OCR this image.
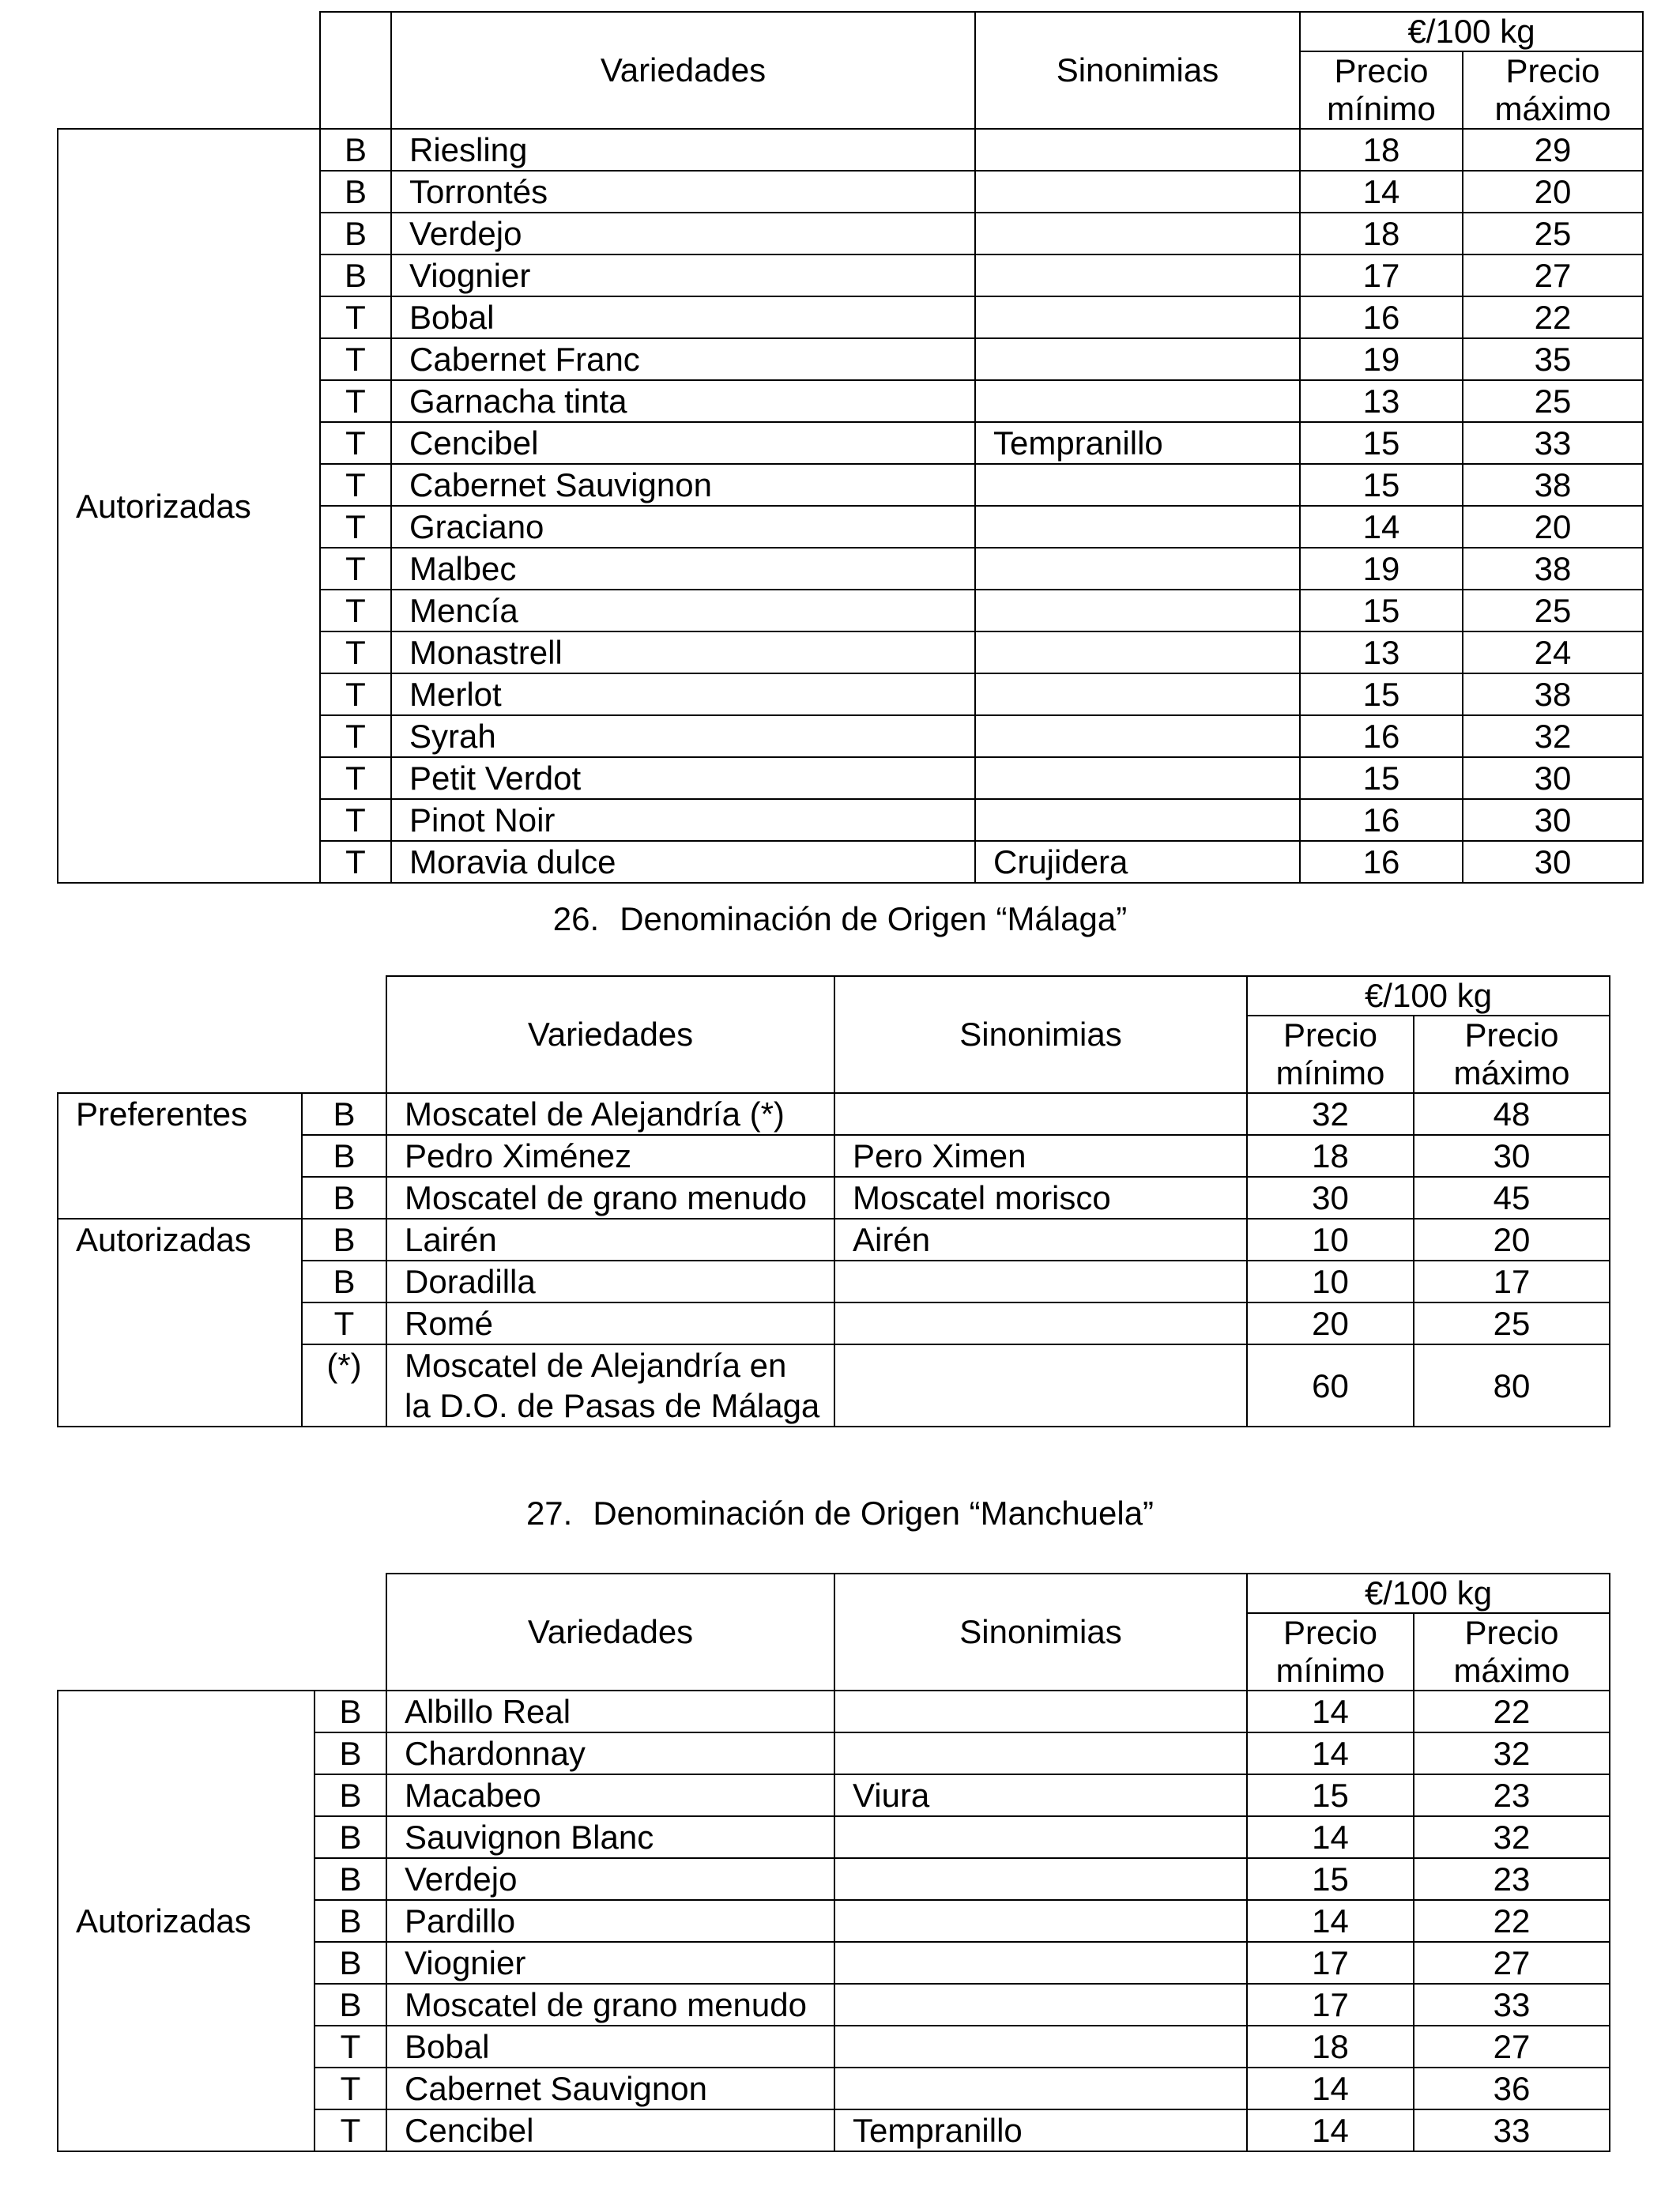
		Variedades	Sinonimias	€/100 kg	
				Precio mínimo	Precio máximo

Autorizadas	B	Riesling		18	29
	B	Torrontés		14	20
	B	Verdejo		18	25
	B	Viognier		17	27
	T	Bobal		16	22
	T	Cabernet Franc		19	35
	T	Garnacha tinta		13	25
	T	Cencibel	Tempranillo	15	33
	T	Cabernet Sauvignon		15	38
	T	Graciano		14	20
	T	Malbec		19	38
	T	Mencía		15	25
	T	Monastrell		13	24
	T	Merlot		15	38
	T	Syrah		16	32
	T	Petit Verdot		15	30
	T	Pinot Noir		16	30
	T	Moravia dulce	Crujidera	16	30
26. Denominación de Origen “Málaga”
		Variedades	Sinonimias	€/100 kg	
				Precio mínimo	Precio máximo

Preferentes	B	Moscatel de Alejandría (*)		32	48
	B	Pedro Ximénez	Pero Ximen	18	30
	B	Moscatel de grano menudo	Moscatel morisco	30	45
Autorizadas	B	Lairén	Airén	10	20
	B	Doradilla		10	17
	T	Romé		20	25
	(*)	Moscatel de Alejandría en la D.O. de Pasas de Málaga		60	80
27. Denominación de Origen “Manchuela”
		Variedades	Sinonimias	€/100 kg	
				Precio mínimo	Precio máximo

Autorizadas	B	Albillo Real		14	22
	B	Chardonnay		14	32
	B	Macabeo	Viura	15	23
	B	Sauvignon Blanc		14	32
	B	Verdejo		15	23
	B	Pardillo		14	22
	B	Viognier		17	27
	B	Moscatel de grano menudo		17	33
	T	Bobal		18	27
	T	Cabernet Sauvignon		14	36
	T	Cencibel	Tempranillo	14	33
